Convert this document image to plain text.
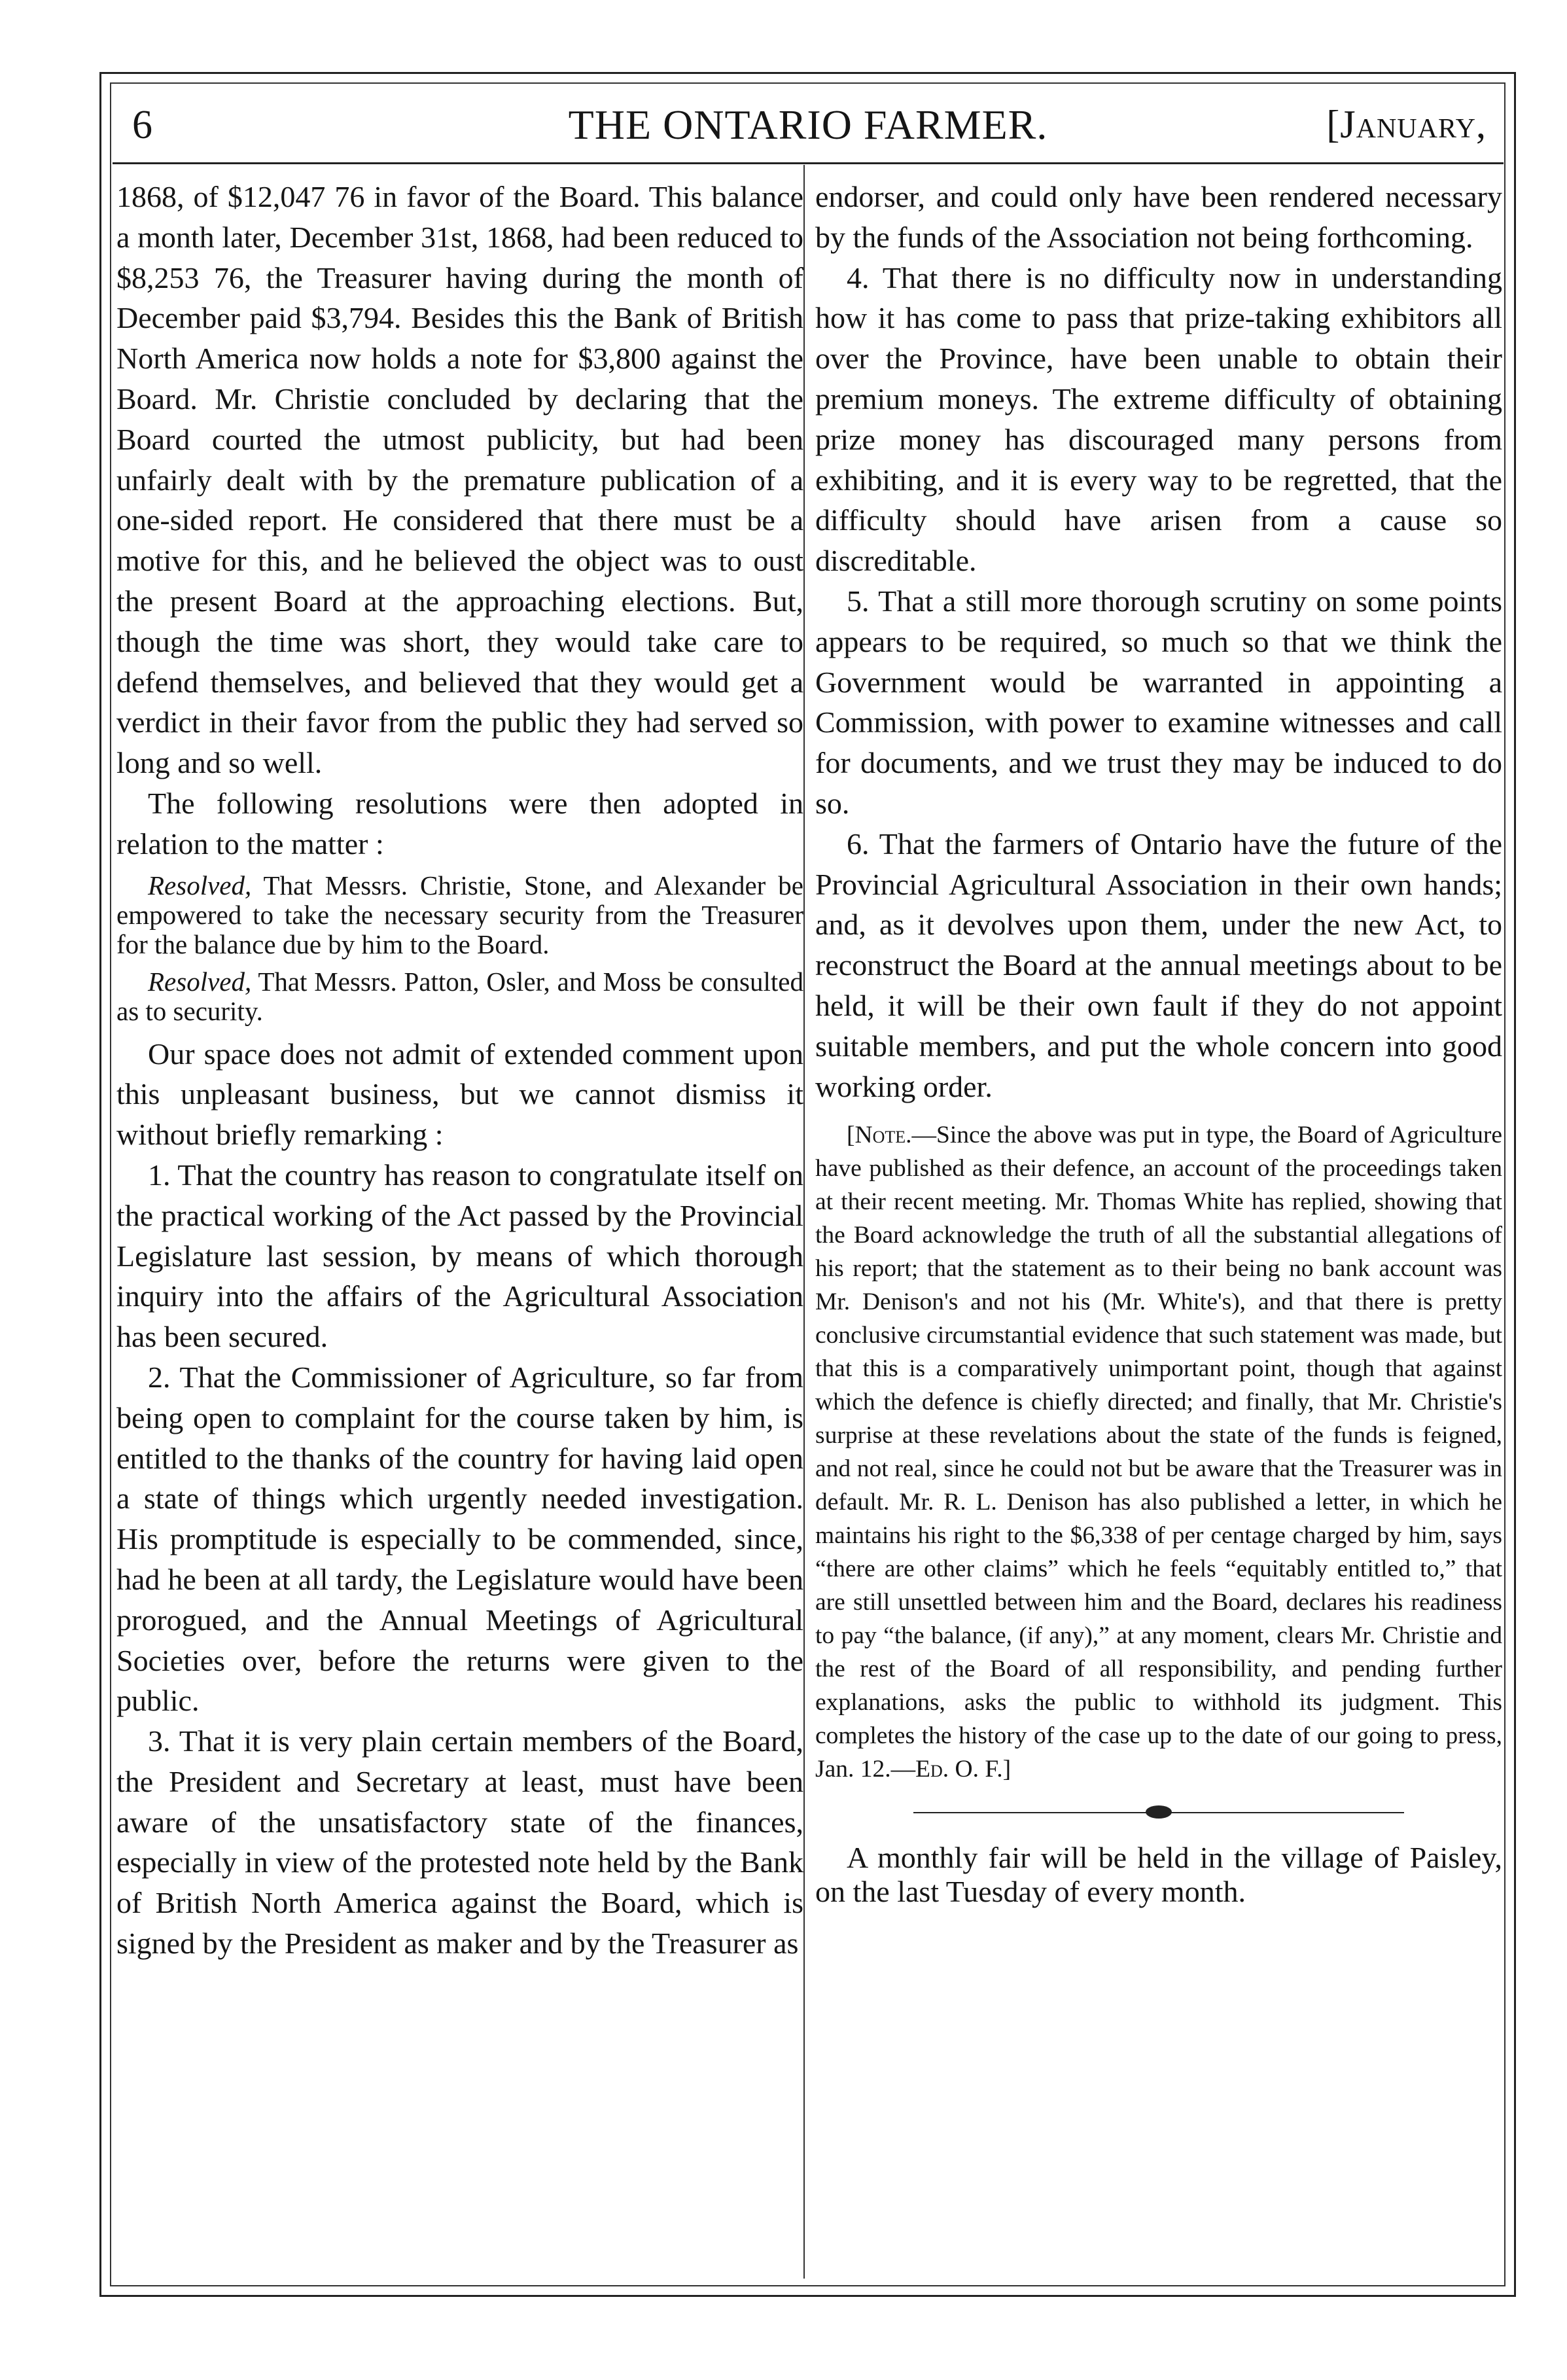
6	THE ONTARIO FARMER.	[January,

1868, of $12,047 76 in favor of the Board. This balance a month later, December 31st, 1868, had been reduced to $8,253 76, the Treasurer having during the month of December paid $3,794. Besides this the Bank of British North America now holds a note for $3,800 against the Board. Mr. Christie concluded by declaring that the Board courted the utmost publicity, but had been unfairly dealt with by the premature publication of a one-sided report. He considered that there must be a motive for this, and he believed the object was to oust the present Board at the approaching elections. But, though the time was short, they would take care to defend themselves, and believed that they would get a verdict in their favor from the public they had served so long and so well.

The following resolutions were then adopted in relation to the matter :

Resolved, That Messrs. Christie, Stone, and Alexander be empowered to take the necessary security from the Treasurer for the balance due by him to the Board.

Resolved, That Messrs. Patton, Osler, and Moss be consulted as to security.

Our space does not admit of extended comment upon this unpleasant business, but we cannot dismiss it without briefly remarking :

1. That the country has reason to congratulate itself on the practical working of the Act passed by the Provincial Legislature last session, by means of which thorough inquiry into the affairs of the Agricultural Association has been secured.

2. That the Commissioner of Agriculture, so far from being open to complaint for the course taken by him, is entitled to the thanks of the country for having laid open a state of things which urgently needed investigation. His promptitude is especially to be commended, since, had he been at all tardy, the Legislature would have been prorogued, and the Annual Meetings of Agricultural Societies over, before the returns were given to the public.

3. That it is very plain certain members of the Board, the President and Secretary at least, must have been aware of the unsatisfactory state of the finances, especially in view of the protested note held by the Bank of British North America against the Board, which is signed by the President as maker and by the Treasurer as

endorser, and could only have been rendered necessary by the funds of the Association not being forthcoming.

4. That there is no difficulty now in understanding how it has come to pass that prize-taking exhibitors all over the Province, have been unable to obtain their premium moneys. The extreme difficulty of obtaining prize money has discouraged many persons from exhibiting, and it is every way to be regretted, that the difficulty should have arisen from a cause so discreditable.

5. That a still more thorough scrutiny on some points appears to be required, so much so that we think the Government would be warranted in appointing a Commission, with power to examine witnesses and call for documents, and we trust they may be induced to do so.

6. That the farmers of Ontario have the future of the Provincial Agricultural Association in their own hands; and, as it devolves upon them, under the new Act, to reconstruct the Board at the annual meetings about to be held, it will be their own fault if they do not appoint suitable members, and put the whole concern into good working order.

[Note.—Since the above was put in type, the Board of Agriculture have published as their defence, an account of the proceedings taken at their recent meeting. Mr. Thomas White has replied, showing that the Board acknowledge the truth of all the substantial allegations of his report; that the statement as to their being no bank account was Mr. Denison's and not his (Mr. White's), and that there is pretty conclusive circumstantial evidence that such statement was made, but that this is a comparatively unimportant point, though that against which the defence is chiefly directed; and finally, that Mr. Christie's surprise at these revelations about the state of the funds is feigned, and not real, since he could not but be aware that the Treasurer was in default. Mr. R. L. Denison has also published a letter, in which he maintains his right to the $6,338 of per centage charged by him, says “there are other claims” which he feels “equitably entitled to,” that are still unsettled between him and the Board, declares his readiness to pay “the balance, (if any),” at any moment, clears Mr. Christie and the rest of the Board of all responsibility, and pending further explanations, asks the public to withhold its judgment. This completes the history of the case up to the date of our going to press, Jan. 12.—Ed. O. F.]

A monthly fair will be held in the village of Paisley, on the last Tuesday of every month.
